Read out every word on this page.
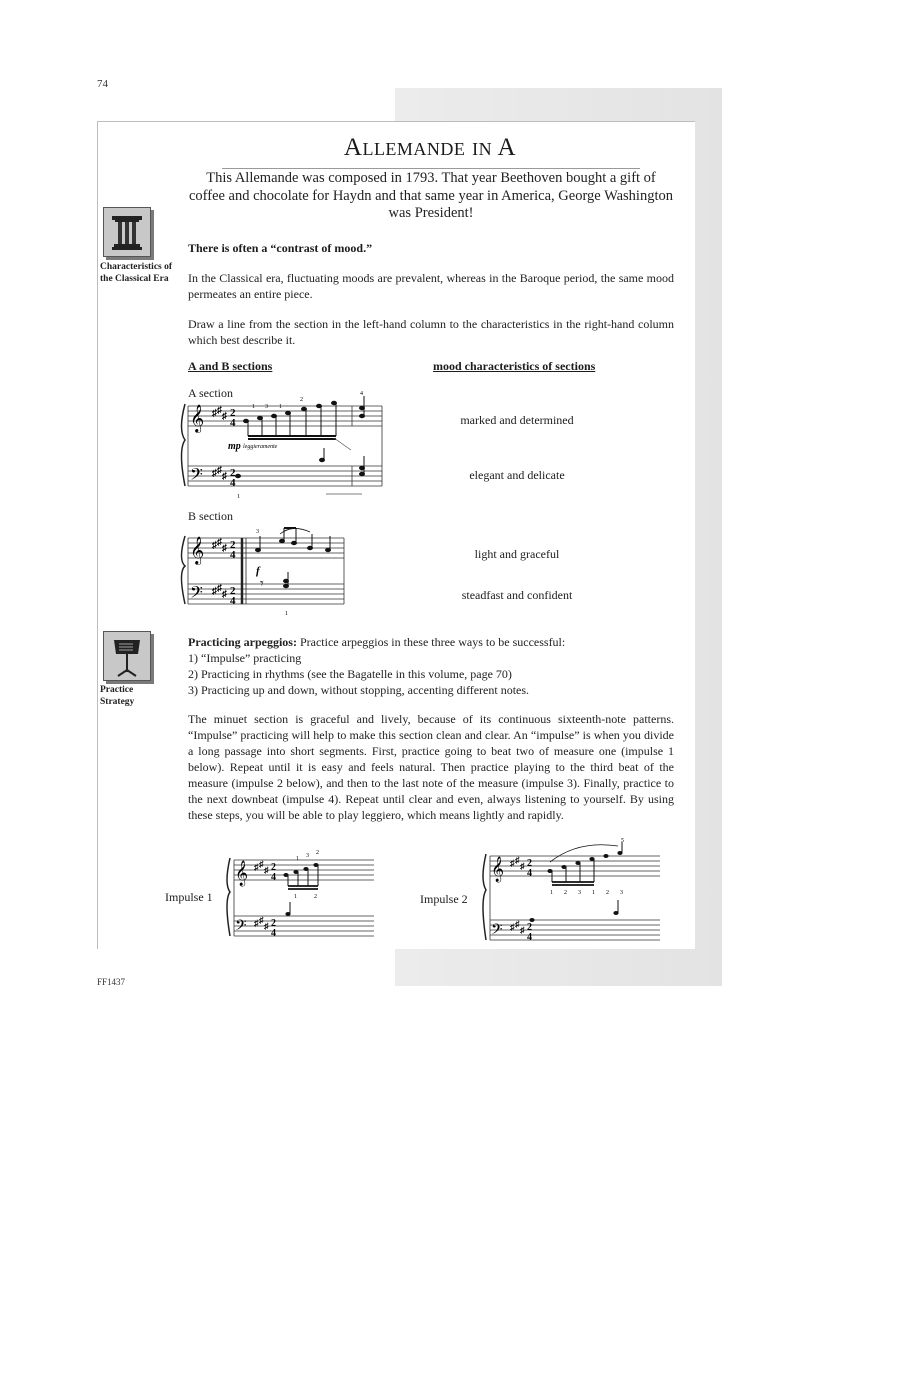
74
Allemande in A
This Allemande was composed in 1793. That year Beethoven bought a gift of coffee and chocolate for Haydn and that same year in America, George Washington was President!
Characteristics of the Classical Era
Practice Strategy
There is often a “contrast of mood.”
In the Classical era, fluctuating moods are prevalent, whereas in the Baroque period, the same mood permeates an entire piece.
Draw a line from the section in the left-hand column to the characteristics in the right-hand column which best describe it.
A and B sections	mood characteristics of sections
A section
B section
marked and determined
elegant and delicate
light and graceful
steadfast and confident
𝄞
𝄢
♯ ♯
♯
♯ ♯
♯
2
4
2
4
mp leggieramente
1 3 1
2
4
1
𝄞
𝄢
♯ ♯
♯
♯ ♯
♯
2
4
2
4
𝄾
f
3
1
Practicing arpeggios: Practice arpeggios in these three ways to be successful:
1) “Impulse” practicing
2) Practicing in rhythms (see the Bagatelle in this volume, page 70)
3) Practicing up and down, without stopping, accenting different notes.
The minuet section is graceful and lively, because of its continuous sixteenth-note patterns. “Impulse” practicing will help to make this section clean and clear. An “impulse” is when you divide a long passage into short segments. First, practice going to beat two of measure one (impulse 1 below). Repeat until it is easy and feels natural. Then practice playing to the third beat of the measure (impulse 2 below), and then to the last note of the measure (impulse 3). Finally, practice to the next downbeat (impulse 4). Repeat until clear and even, always listening to yourself. By using these steps, you will be able to play leggiero, which means lightly and rapidly.
Impulse 1	Impulse 2
𝄞
𝄢
♯ ♯
♯
♯ ♯
♯
2
4
2
4
1 3 2
1	2
𝄞
𝄢
♯ ♯
♯
♯ ♯
♯
2
4
2
4
5
1 2 3 1 2 3
FF1437
